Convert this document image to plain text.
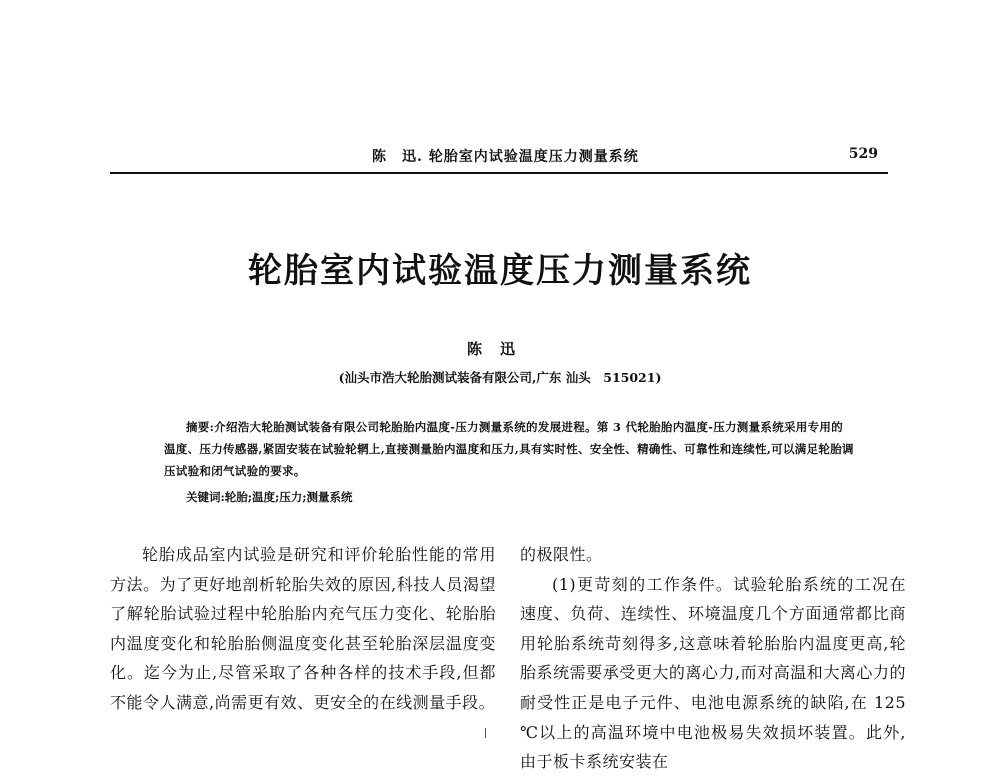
陈　迅. 轮胎室内试验温度压力测量系统	529
轮胎室内试验温度压力测量系统
陈迅
(汕头市浩大轮胎测试装备有限公司,广东 汕头　515021)

摘要:介绍浩大轮胎测试装备有限公司轮胎胎内温度-压力测量系统的发展进程。第 3 代轮胎胎内温度-压力测量系统采用专用的温度、压力传感器,紧固安装在试验轮辋上,直接测量胎内温度和压力,具有实时性、安全性、精确性、可靠性和连续性,可以满足轮胎调压试验和闭气试验的要求。

关键词:轮胎;温度;压力;测量系统

轮胎成品室内试验是研究和评价轮胎性能的常用方法。为了更好地剖析轮胎失效的原因,科技人员渴望了解轮胎试验过程中轮胎胎内充气压力变化、轮胎胎内温度变化和轮胎胎侧温度变化甚至轮胎深层温度变化。迄今为止,尽管采取了各种各样的技术手段,但都不能令人满意,尚需更有效、更安全的在线测量手段。

的极限性。

(1)更苛刻的工作条件。试验轮胎系统的工况在速度、负荷、连续性、环境温度几个方面通常都比商用轮胎系统苛刻得多,这意味着轮胎胎内温度更高,轮胎系统需要承受更大的离心力,而对高温和大离心力的耐受性正是电子元件、电池电源系统的缺陷,在 125 ℃以上的高温环境中电池极易失效损坏装置。此外,由于板卡系统安装在
